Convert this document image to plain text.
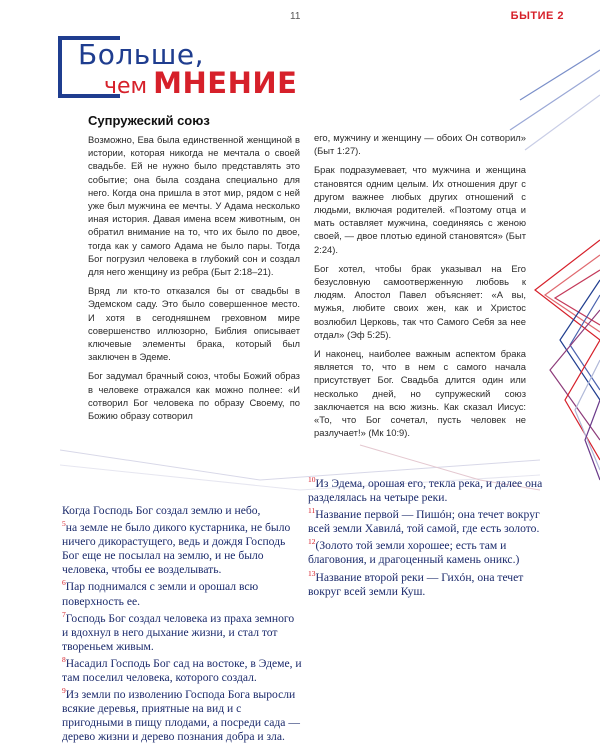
11	БЫТИЕ 2
Больше,
чем МНЕНИЕ
Супружеский союз

Возможно, Ева была единственной женщиной в истории, которая никогда не мечтала о своей свадьбе. Ей не нужно было представлять это событие; она была создана специально для него. Когда она пришла в этот мир, рядом с ней уже был мужчина ее мечты. У Адама несколько иная история. Давая имена всем животным, он обратил внимание на то, что их было по двое, тогда как у самого Адама не было пары. Тогда Бог погрузил человека в глубокий сон и создал для него женщину из ребра (Быт 2:18–21).

Вряд ли кто-то отказался бы от свадьбы в Эдемском саду. Это было совершенное место. И хотя в сегодняшнем греховном мире совершенство иллюзорно, Библия описывает ключевые элементы брака, который был заключен в Эдеме.

Бог задумал брачный союз, чтобы Божий образ в человеке отражался как можно полнее: «И сотворил Бог человека по образу Своему, по Божию образу сотворил

его, мужчину и женщину — обоих Он сотворил» (Быт 1:27).

Брак подразумевает, что мужчина и женщина становятся одним целым. Их отношения друг с другом важнее любых других отношений с людьми, включая родителей. «Поэтому отца и мать оставляет мужчина, соединяясь с женою своей, — двое плотью единой становятся» (Быт 2:24).

Бог хотел, чтобы брак указывал на Его безусловную самоотверженную любовь к людям. Апостол Павел объясняет: «А вы, мужья, любите своих жен, как и Христос возлюбил Церковь, так что Самого Себя за нее отдал» (Эф 5:25).

И наконец, наиболее важным аспектом брака является то, что в нем с самого начала присутствует Бог. Свадьба длится один или несколько дней, но супружеский союз заключается на всю жизнь. Как сказал Иисус: «То, что Бог сочетал, пусть человек не разлучает!» (Мк 10:9).

Когда Господь Бог создал землю и небо,

$^5$на земле не было дикого кустарника, не было ничего дикорастущего, ведь и дождя Господь Бог еще не посылал на землю, и не было человека, чтобы ее возделывать.

$^6$Пар поднимался с земли и орошал всю поверхность ее.

$^7$Господь Бог создал человека из праха земного и вдохнул в него дыхание жизни, и стал тот твореньем живым.

$^8$Насадил Господь Бог сад на востоке, в Эдеме, и там поселил человека, которого создал.

$^9$Из земли по изволению Господа Бога выросли всякие деревья, приятные на вид и с пригодными в пищу плодами, а посреди сада — дерево жизни и дерево познания добра и зла.

$^{10}$Из Эдема, орошая его, текла река, и далее она разделялась на четыре реки.

$^{11}$Название первой — Пишóн; она течет вокруг всей земли Хавилá, той самой, где есть золото.

$^{12}$(Золото той земли хорошее; есть там и благовония, и драгоценный камень оникс.)

$^{13}$Название второй реки — Гихóн, она течет вокруг всей земли Куш.
